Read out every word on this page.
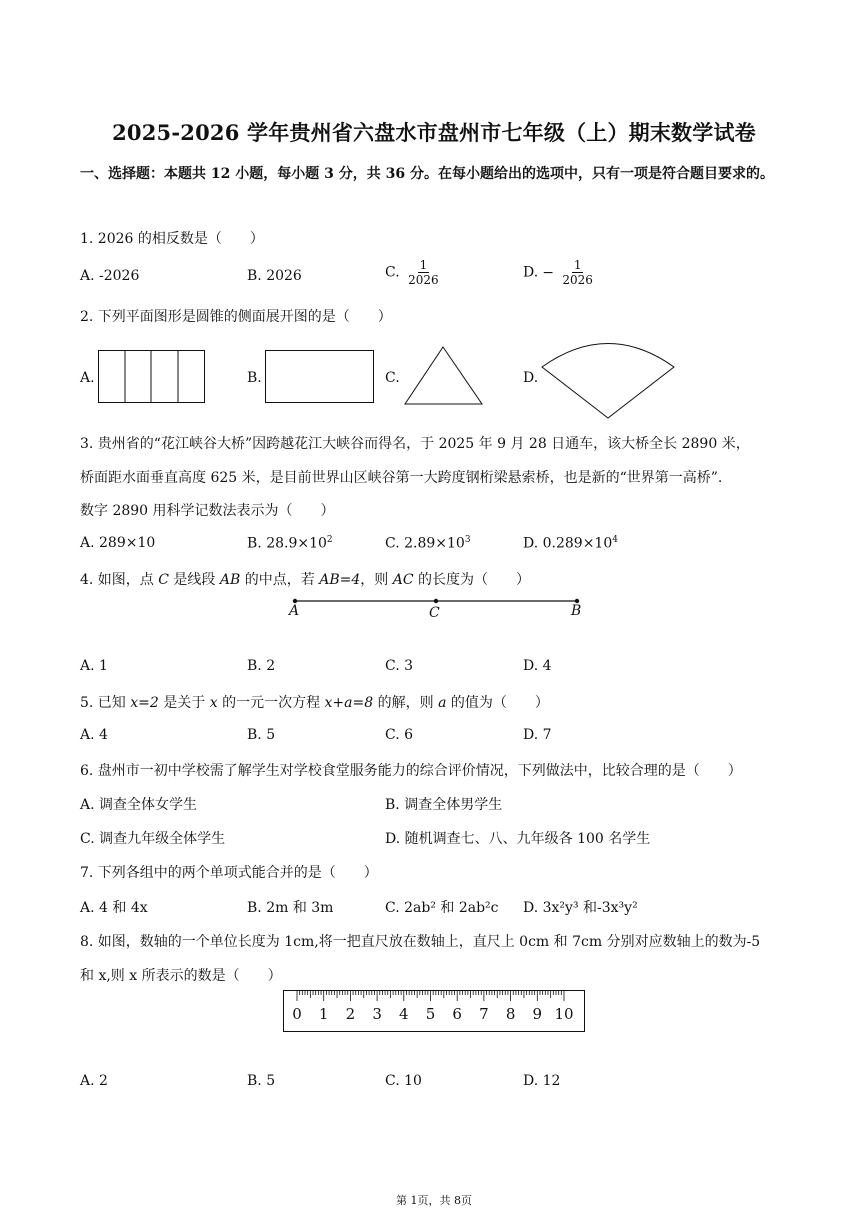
2025-2026 学年贵州省六盘水市盘州市七年级（上）期末数学试卷
一、选择题：本题共 12 小题，每小题 3 分，共 36 分。在每小题给出的选项中，只有一项是符合题目要求的。
1. 2026 的相反数是（　　）
A. -2026	B. 2026	C. $\frac{1}{2026}$	D. − $\frac{1}{2026}$
2. 下列平面图形是圆锥的侧面展开图的是（　　）
A.	B.	C.	D.
3. 贵州省的“花江峡谷大桥”因跨越花江大峡谷而得名，于 2025 年 9 月 28 日通车，该大桥全长 2890 米，
桥面距水面垂直高度 625 米，是目前世界山区峡谷第一大跨度钢桁梁悬索桥，也是新的“世界第一高桥”.
数字 2890 用科学记数法表示为（　　）
A. 289×10	B. $28.9\times 10^2$	C. $2.89\times 10^3$	D. $0.289\times 10^4$
4. 如图，点 C 是线段 AB 的中点，若 AB=4，则 AC 的长度为（　　）
A	C	B
A. 1	B. 2	C. 3	D. 4
5. 已知 x=2 是关于 x 的一元一次方程 x+a=8 的解，则 a 的值为（　　）
A. 4	B. 5	C. 6	D. 7
6. 盘州市一初中学校需了解学生对学校食堂服务能力的综合评价情况，下列做法中，比较合理的是（　　）
A. 调查全体女学生	B. 调查全体男学生
C. 调查九年级全体学生	D. 随机调查七、八、九年级各 100 名学生
7. 下列各组中的两个单项式能合并的是（　　）
A. 4 和 4x	B. 2m 和 3m	C. 2ab² 和 2ab²c D. 3x²y³ 和-3x³y²
8. 如图，数轴的一个单位长度为 1cm,将一把直尺放在数轴上，直尺上 0cm 和 7cm 分别对应数轴上的数为-5
和 x,则 x 所表示的数是（　　）
0 1 2 3 4 5 6 7 8 9 10
A. 2	B. 5	C. 10	D. 12
第 1页，共 8页
